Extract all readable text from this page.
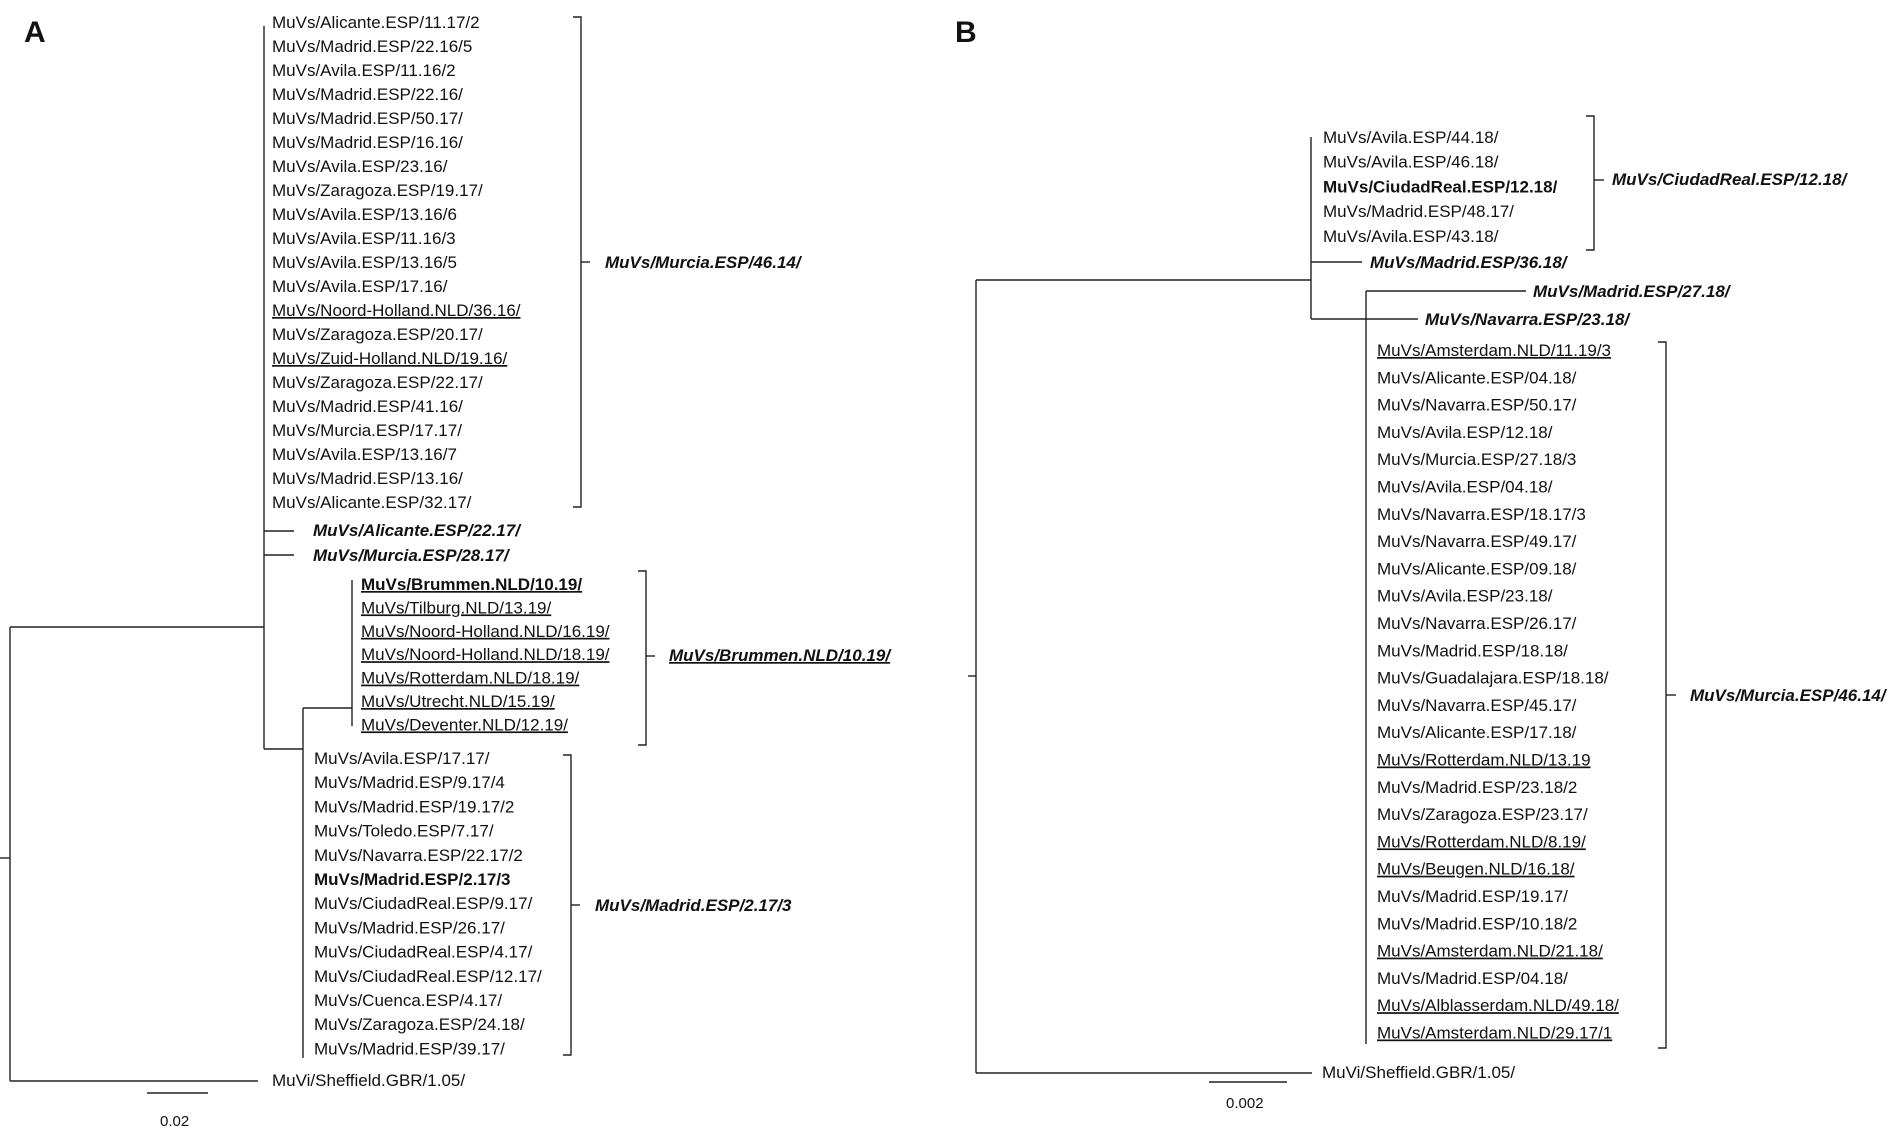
A	B
MuVs/Alicante.ESP/11.17/2
MuVs/Madrid.ESP/22.16/5
MuVs/Avila.ESP/11.16/2
MuVs/Madrid.ESP/22.16/
MuVs/Madrid.ESP/50.17/
MuVs/Madrid.ESP/16.16/
MuVs/Avila.ESP/23.16/
MuVs/Zaragoza.ESP/19.17/
MuVs/Avila.ESP/13.16/6
MuVs/Avila.ESP/11.16/3
MuVs/Avila.ESP/13.16/5
MuVs/Avila.ESP/17.16/
MuVs/Noord-Holland.NLD/36.16/
MuVs/Zaragoza.ESP/20.17/
MuVs/Zuid-Holland.NLD/19.16/
MuVs/Zaragoza.ESP/22.17/
MuVs/Madrid.ESP/41.16/
MuVs/Murcia.ESP/17.17/
MuVs/Avila.ESP/13.16/7
MuVs/Madrid.ESP/13.16/
MuVs/Alicante.ESP/32.17/
MuVs/Brummen.NLD/10.19/
MuVs/Tilburg.NLD/13.19/
MuVs/Noord-Holland.NLD/16.19/
MuVs/Noord-Holland.NLD/18.19/
MuVs/Rotterdam.NLD/18.19/
MuVs/Utrecht.NLD/15.19/
MuVs/Deventer.NLD/12.19/
MuVs/Avila.ESP/17.17/
MuVs/Madrid.ESP/9.17/4
MuVs/Madrid.ESP/19.17/2
MuVs/Toledo.ESP/7.17/
MuVs/Navarra.ESP/22.17/2
MuVs/Madrid.ESP/2.17/3
MuVs/CiudadReal.ESP/9.17/
MuVs/Madrid.ESP/26.17/
MuVs/CiudadReal.ESP/4.17/
MuVs/CiudadReal.ESP/12.17/
MuVs/Cuenca.ESP/4.17/
MuVs/Zaragoza.ESP/24.18/
MuVs/Madrid.ESP/39.17/
MuVs/Murcia.ESP/46.14/
MuVs/Brummen.NLD/10.19/
MuVs/Madrid.ESP/2.17/3
MuVs/Alicante.ESP/22.17/
MuVs/Murcia.ESP/28.17/
MuVi/Sheffield.GBR/1.05/
0.02
MuVs/Avila.ESP/44.18/
MuVs/Avila.ESP/46.18/
MuVs/CiudadReal.ESP/12.18/
MuVs/Madrid.ESP/48.17/
MuVs/Avila.ESP/43.18/
MuVs/Amsterdam.NLD/11.19/3
MuVs/Alicante.ESP/04.18/
MuVs/Navarra.ESP/50.17/
MuVs/Avila.ESP/12.18/
MuVs/Murcia.ESP/27.18/3
MuVs/Avila.ESP/04.18/
MuVs/Navarra.ESP/18.17/3
MuVs/Navarra.ESP/49.17/
MuVs/Alicante.ESP/09.18/
MuVs/Avila.ESP/23.18/
MuVs/Navarra.ESP/26.17/
MuVs/Madrid.ESP/18.18/
MuVs/Guadalajara.ESP/18.18/
MuVs/Navarra.ESP/45.17/
MuVs/Alicante.ESP/17.18/
MuVs/Rotterdam.NLD/13.19
MuVs/Madrid.ESP/23.18/2
MuVs/Zaragoza.ESP/23.17/
MuVs/Rotterdam.NLD/8.19/
MuVs/Beugen.NLD/16.18/
MuVs/Madrid.ESP/19.17/
MuVs/Madrid.ESP/10.18/2
MuVs/Amsterdam.NLD/21.18/
MuVs/Madrid.ESP/04.18/
MuVs/Alblasserdam.NLD/49.18/
MuVs/Amsterdam.NLD/29.17/1
MuVs/CiudadReal.ESP/12.18/
MuVs/Murcia.ESP/46.14/
MuVs/Madrid.ESP/36.18/
MuVs/Madrid.ESP/27.18/
MuVs/Navarra.ESP/23.18/
MuVi/Sheffield.GBR/1.05/
0.002
